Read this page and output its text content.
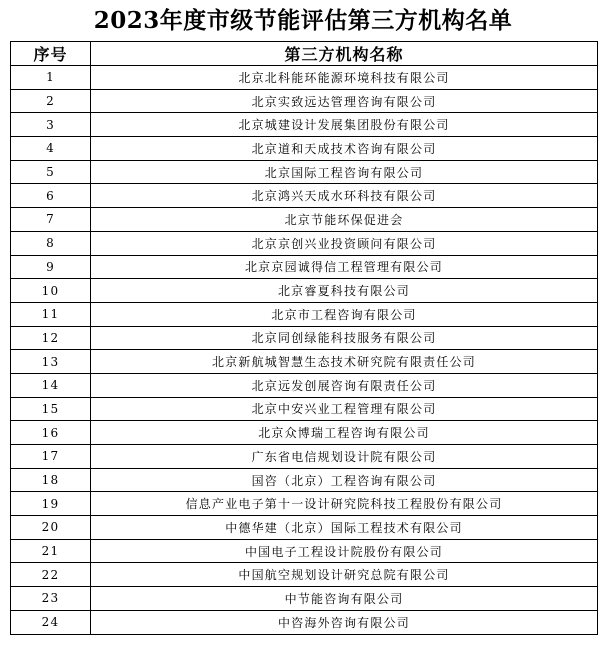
2023年度市级节能评估第三方机构名单
序号	第三方机构名称
1	北京北科能环能源环境科技有限公司
2	北京实致远达管理咨询有限公司
3	北京城建设计发展集团股份有限公司
4	北京道和天成技术咨询有限公司
5	北京国际工程咨询有限公司
6	北京鸿兴天成水环科技有限公司
7	北京节能环保促进会
8	北京京创兴业投资顾问有限公司
9	北京京园诚得信工程管理有限公司
10	北京睿夏科技有限公司
11	北京市工程咨询有限公司
12	北京同创绿能科技服务有限公司
13	北京新航城智慧生态技术研究院有限责任公司
14	北京远发创展咨询有限责任公司
15	北京中安兴业工程管理有限公司
16	北京众博瑞工程咨询有限公司
17	广东省电信规划设计院有限公司
18	国咨（北京）工程咨询有限公司
19	信息产业电子第十一设计研究院科技工程股份有限公司
20	中德华建（北京）国际工程技术有限公司
21	中国电子工程设计院股份有限公司
22	中国航空规划设计研究总院有限公司
23	中节能咨询有限公司
24	中咨海外咨询有限公司
